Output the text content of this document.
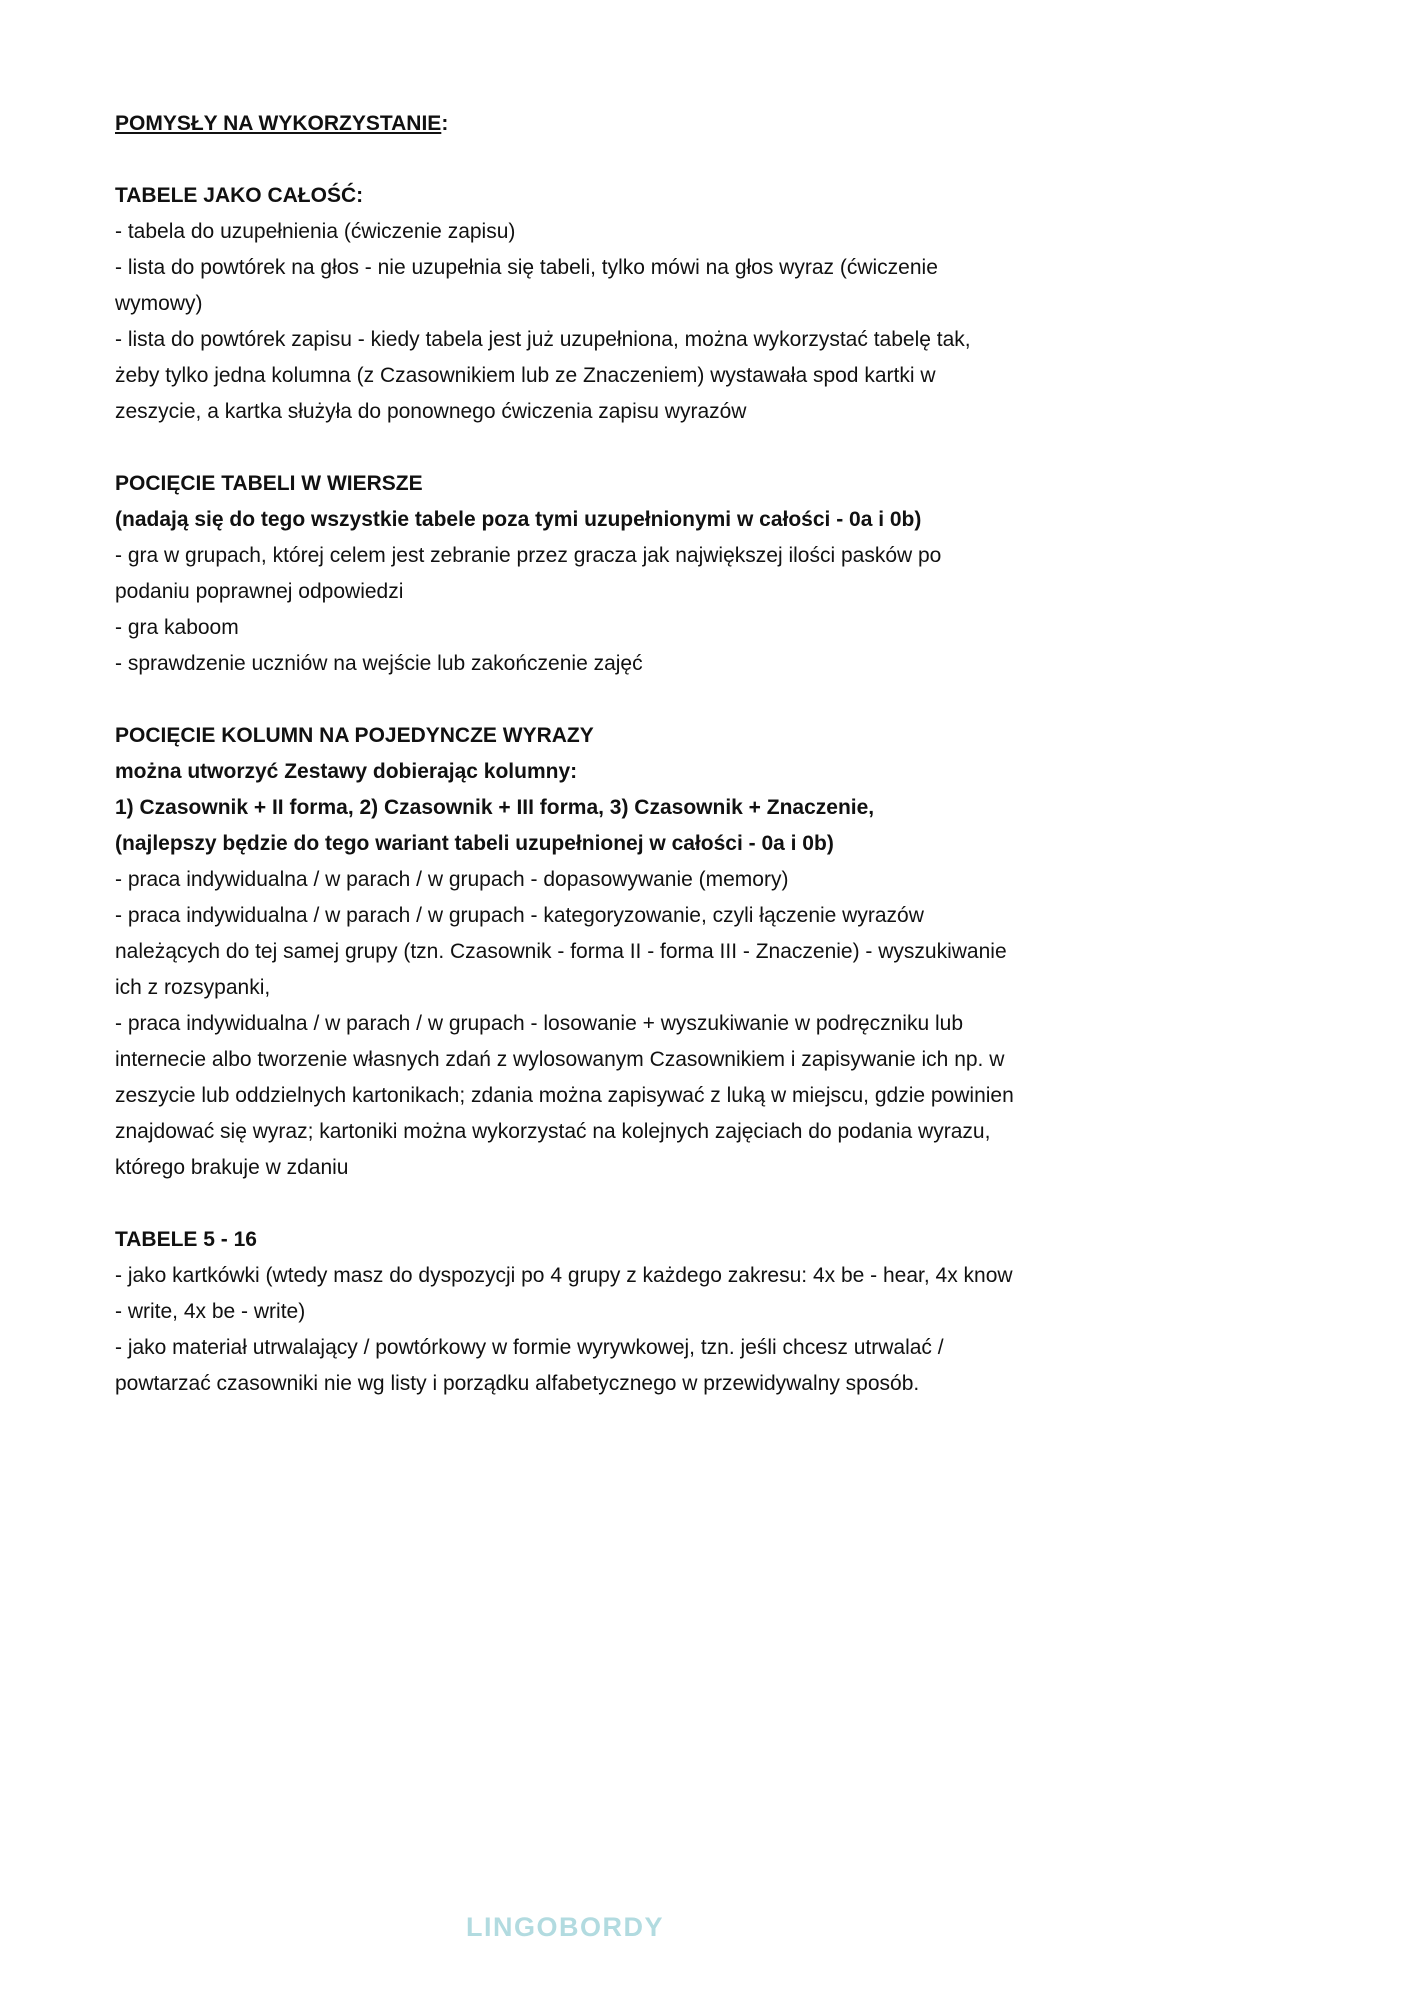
POMYSŁY NA WYKORZYSTANIE:

TABELE JAKO CAŁOŚĆ:

- tabela do uzupełnienia (ćwiczenie zapisu)

- lista do powtórek na głos - nie uzupełnia się tabeli, tylko mówi na głos wyraz (ćwiczenie wymowy)

- lista do powtórek zapisu - kiedy tabela jest już uzupełniona, można wykorzystać tabelę tak, żeby tylko jedna kolumna (z Czasownikiem lub ze Znaczeniem) wystawała spod kartki w zeszycie, a kartka służyła do ponownego ćwiczenia zapisu wyrazów

POCIĘCIE TABELI W WIERSZE

(nadają się do tego wszystkie tabele poza tymi uzupełnionymi w całości - 0a i 0b)

- gra w grupach, której celem jest zebranie przez gracza jak największej ilości pasków po podaniu poprawnej odpowiedzi

- gra kaboom

- sprawdzenie uczniów na wejście lub zakończenie zajęć

POCIĘCIE KOLUMN NA POJEDYNCZE WYRAZY

można utworzyć Zestawy dobierając kolumny:

1) Czasownik + II forma, 2) Czasownik + III forma, 3) Czasownik + Znaczenie,

(najlepszy będzie do tego wariant tabeli uzupełnionej w całości - 0a i 0b)

- praca indywidualna / w parach / w grupach - dopasowywanie (memory)

- praca indywidualna / w parach / w grupach - kategoryzowanie, czyli łączenie wyrazów należących do tej samej grupy (tzn. Czasownik - forma II - forma III - Znaczenie) - wyszukiwanie ich z rozsypanki,

- praca indywidualna / w parach / w grupach - losowanie + wyszukiwanie w podręczniku lub internecie albo tworzenie własnych zdań z wylosowanym Czasownikiem i zapisywanie ich np. w zeszycie lub oddzielnych kartonikach; zdania można zapisywać z luką w miejscu, gdzie powinien znajdować się wyraz; kartoniki można wykorzystać na kolejnych zajęciach do podania wyrazu, którego brakuje w zdaniu

TABELE 5 - 16

- jako kartkówki (wtedy masz do dyspozycji po 4 grupy z każdego zakresu: 4x be - hear, 4x know - write, 4x be - write)

- jako materiał utrwalający / powtórkowy w formie wyrywkowej, tzn. jeśli chcesz utrwalać / powtarzać czasowniki nie wg listy i porządku alfabetycznego w przewidywalny sposób.

LINGOBORDY
